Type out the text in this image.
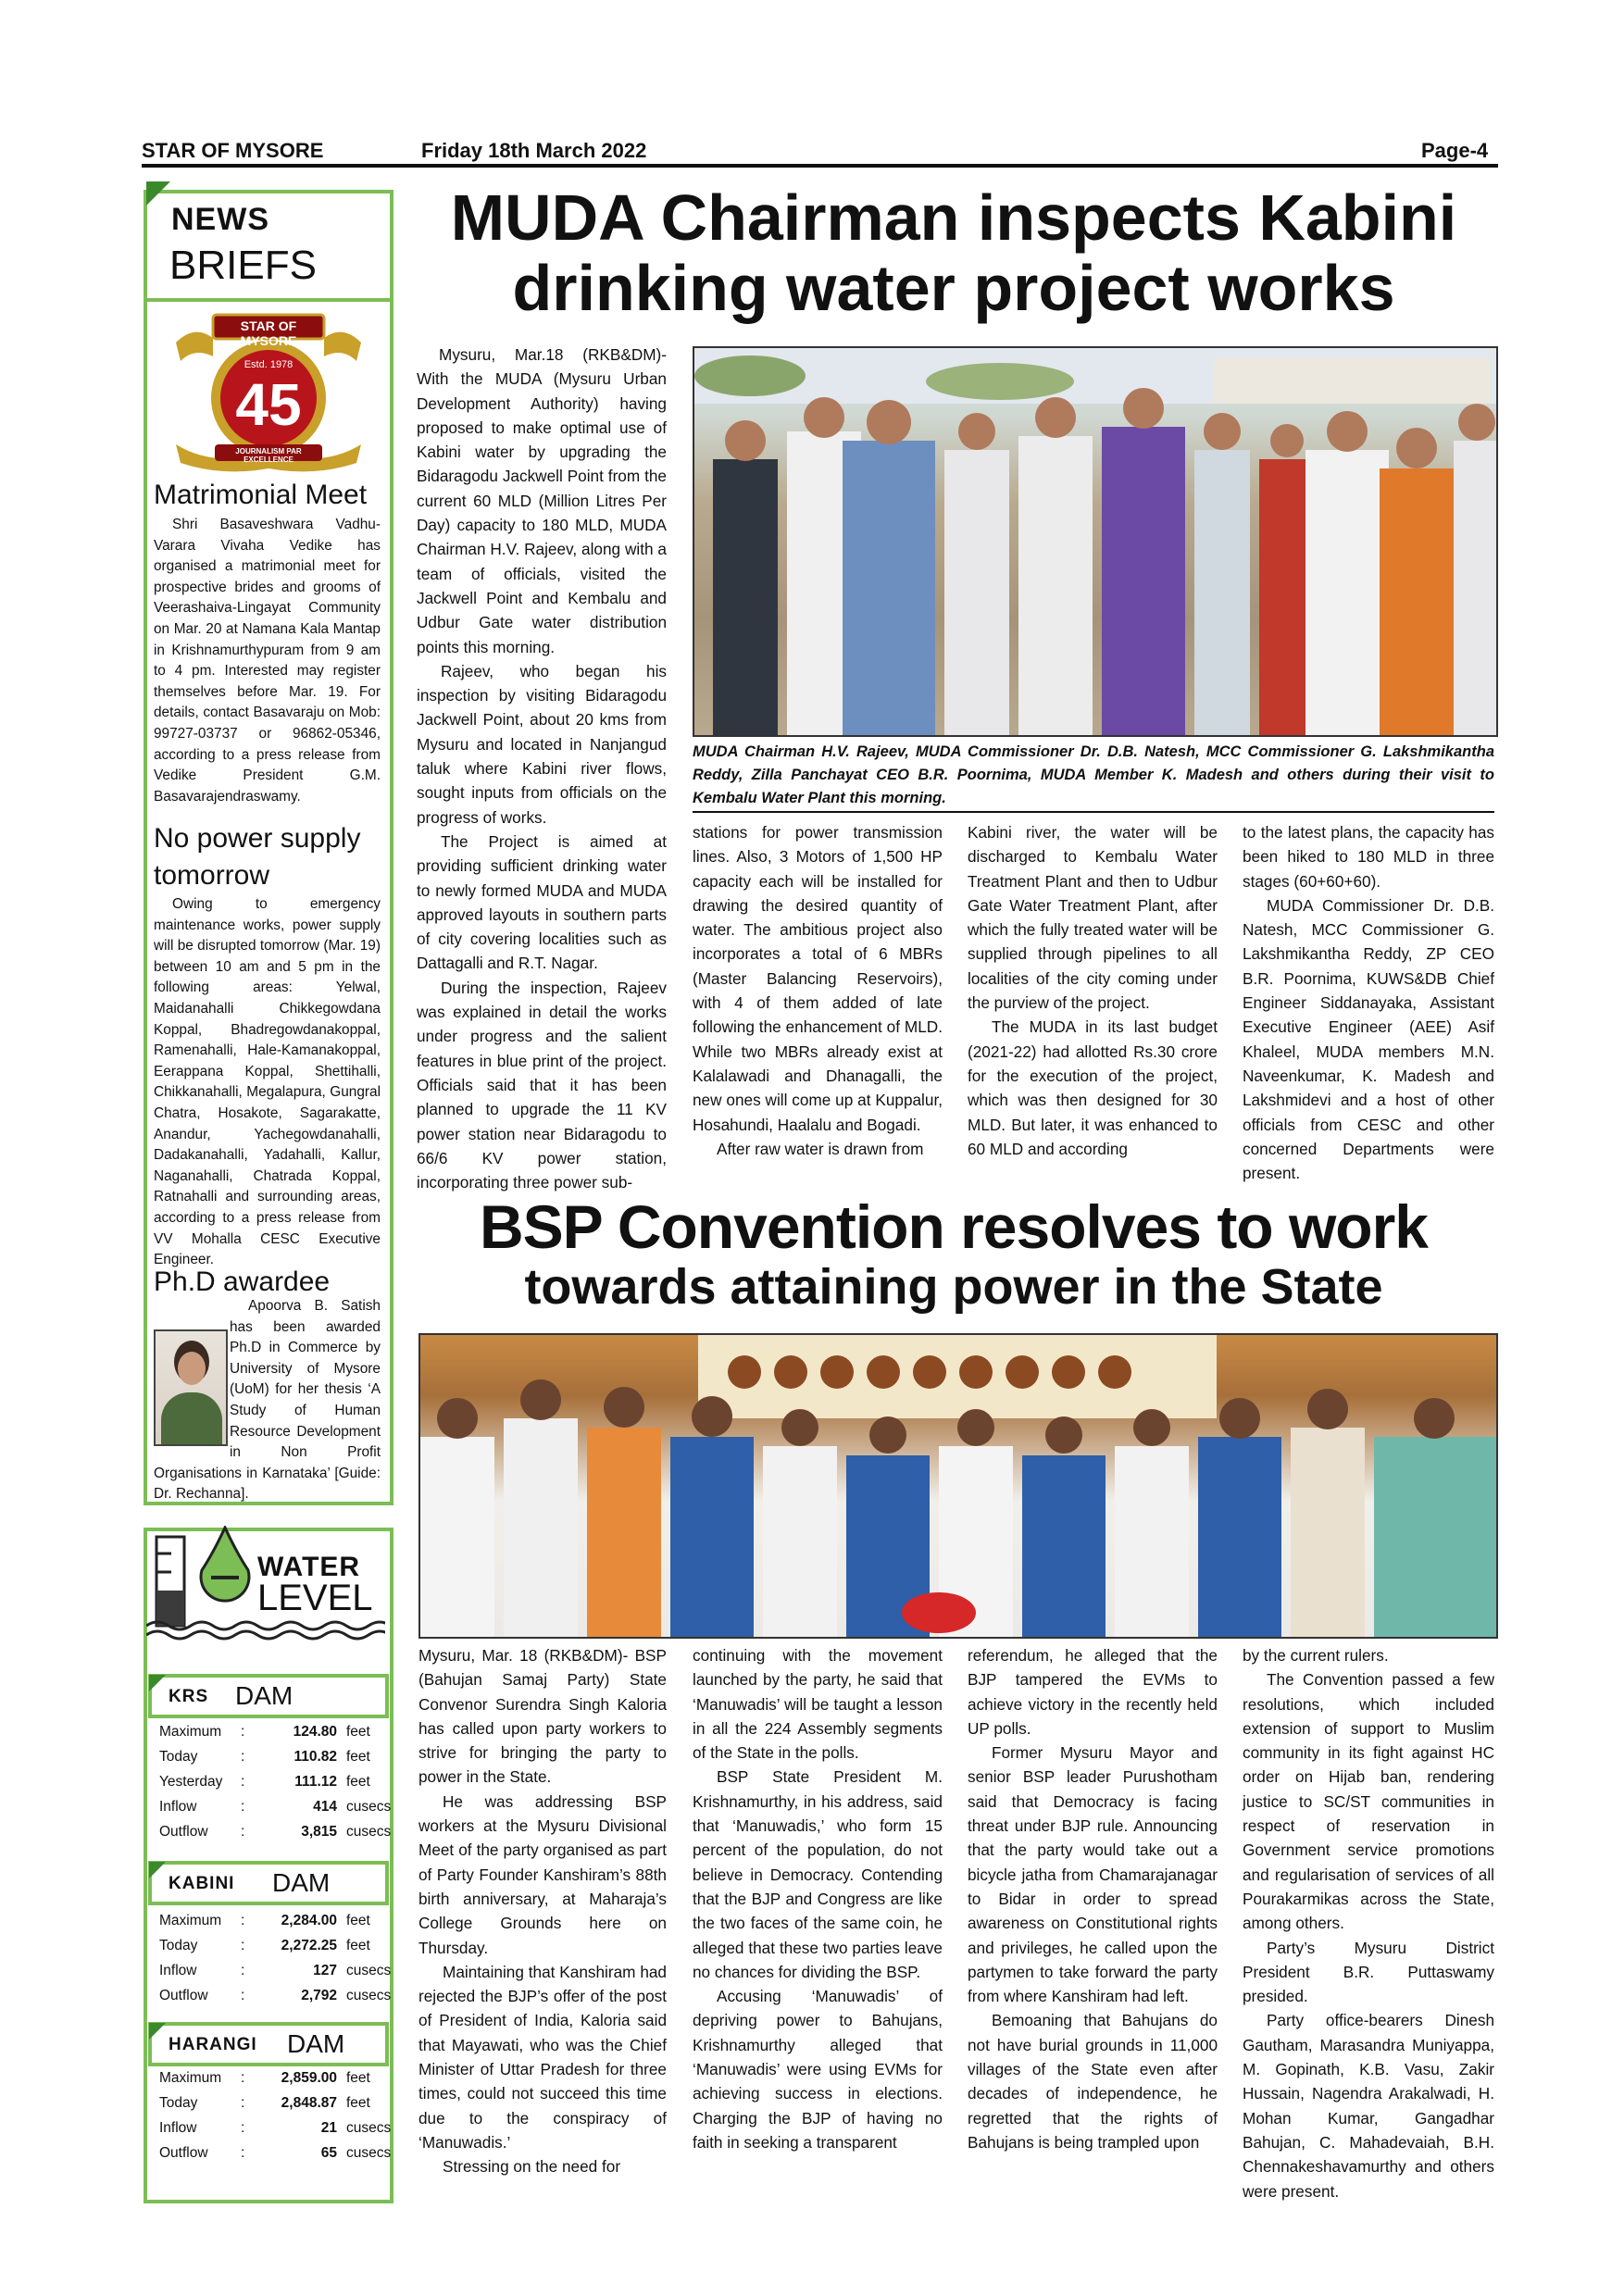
STAR OF MYSORE	Friday 18th March 2022	Page-4
NEWS
BRIEFS
STAR OF MYSORE
Estd. 1978
45
JOURNALISM PAR EXCELLENCE
Matrimonial Meet

Shri Basaveshwara Vadhu-Varara Vivaha Vedike has organised a matrimonial meet for prospective brides and grooms of Veerashaiva-Lingayat Community on Mar. 20 at Namana Kala Mantap in Krishnamurthypuram from 9 am to 4 pm. Interested may register themselves before Mar. 19. For details, contact Basavaraju on Mob: 99727-03737 or 96862-05346, according to a press release from Vedike President G.M. Basavarajendraswamy.

No power supply tomorrow

Owing to emergency maintenance works, power supply will be disrupted tomorrow (Mar. 19) between 10 am and 5 pm in the following areas: Yelwal, Maidanahalli Chikkegowdana Koppal, Bhadregowdanakoppal, Ramenahalli, Hale-Kamanakoppal, Eerappana Koppal, Shettihalli, Chikkanahalli, Megalapura, Gungral Chatra, Hosakote, Sagarakatte, Anandur, Yachegowdanahalli, Dadakanahalli, Yadahalli, Kallur, Naganahalli, Chatrada Koppal, Ratnahalli and surrounding areas, according to a press release from VV Mohalla CESC Executive Engineer.

Ph.D awardee

Apoorva B. Satish has been awarded Ph.D in Commerce by University of Mysore (UoM) for her thesis ‘A Study of Human Resource Development in Non Profit Organisations in Karnataka’ [Guide: Dr. Rechanna].

WATER
LEVEL
KRS DAM
Maximum :	124.80 feet
Today	:	110.82 feet
Yesterday :	111.12 feet
Inflow	:	414 cusecs
Outflow :	3,815 cusecs
KABINI DAM
Maximum :	2,284.00 feet
Today	:	2,272.25 feet
Inflow	:	127 cusecs
Outflow :	2,792 cusecs
HARANGI DAM
Maximum :	2,859.00 feet
Today	:	2,848.87 feet
Inflow	:	21 cusecs
Outflow :	65 cusecs
MUDA Chairman inspects Kabini
drinking water project works

Mysuru, Mar.18 (RKB&DM)- With the MUDA (Mysuru Urban Development Authority) having proposed to make optimal use of Kabini water by upgrading the Bidaragodu Jackwell Point from the current 60 MLD (Million Litres Per Day) capacity to 180 MLD, MUDA Chairman H.V. Rajeev, along with a team of officials, visited the Jackwell Point and Kembalu and Udbur Gate water distribution points this morning.

Rajeev, who began his inspection by visiting Bidaragodu Jackwell Point, about 20 kms from Mysuru and located in Nanjangud taluk where Kabini river flows, sought inputs from officials on the progress of works.

The Project is aimed at providing sufficient drinking water to newly formed MUDA and MUDA approved layouts in southern parts of city covering localities such as Dattagalli and R.T. Nagar.

During the inspection, Rajeev was explained in detail the works under progress and the salient features in blue print of the project. Officials said that it has been planned to upgrade the 11 KV power station near Bidaragodu to 66/6 KV power station, incorporating three power sub-

MUDA Chairman H.V. Rajeev, MUDA Commissioner Dr. D.B. Natesh, MCC Commissioner G. Lakshmikantha Reddy, Zilla Panchayat CEO B.R. Poornima, MUDA Member K. Madesh and others during their visit to Kembalu Water Plant this morning.

stations for power transmission lines. Also, 3 Motors of 1,500 HP capacity each will be installed for drawing the desired quantity of water. The ambitious project also incorporates a total of 6 MBRs (Master Balancing Reservoirs), with 4 of them added of late following the enhancement of MLD. While two MBRs already exist at Kalalawadi and Dhanagalli, the new ones will come up at Kuppalur, Hosahundi, Haalalu and Bogadi.

After raw water is drawn from

Kabini river, the water will be discharged to Kembalu Water Treatment Plant and then to Udbur Gate Water Treatment Plant, after which the fully treated water will be supplied through pipelines to all localities of the city coming under the purview of the project.

The MUDA in its last budget (2021-22) had allotted Rs.30 crore for the execution of the project, which was then designed for 30 MLD. But later, it was enhanced to 60 MLD and according

to the latest plans, the capacity has been hiked to 180 MLD in three stages (60+60+60).

MUDA Commissioner Dr. D.B. Natesh, MCC Commissioner G. Lakshmikantha Reddy, ZP CEO B.R. Poornima, KUWS&DB Chief Engineer Siddanayaka, Assistant Executive Engineer (AEE) Asif Khaleel, MUDA members M.N. Naveenkumar, K. Madesh and Lakshmidevi and a host of other officials from CESC and other concerned Departments were present.

BSP Convention resolves to work
towards attaining power in the State

Mysuru, Mar. 18 (RKB&DM)- BSP (Bahujan Samaj Party) State Convenor Surendra Singh Kaloria has called upon party workers to strive for bringing the party to power in the State.

He was addressing BSP workers at the Mysuru Divisional Meet of the party organised as part of Party Founder Kanshiram’s 88th birth anniversary, at Maharaja’s College Grounds here on Thursday.

Maintaining that Kanshiram had rejected the BJP’s offer of the post of President of India, Kaloria said that Mayawati, who was the Chief Minister of Uttar Pradesh for three times, could not succeed this time due to the conspiracy of ‘Manuwadis.’

Stressing on the need for

continuing with the movement launched by the party, he said that ‘Manuwadis’ will be taught a lesson in all the 224 Assembly segments of the State in the polls.

BSP State President M. Krishnamurthy, in his address, said that ‘Manuwadis,’ who form 15 percent of the population, do not believe in Democracy. Contending that the BJP and Congress are like the two faces of the same coin, he alleged that these two parties leave no chances for dividing the BSP.

Accusing ‘Manuwadis’ of depriving power to Bahujans, Krishnamurthy alleged that ‘Manuwadis’ were using EVMs for achieving success in elections. Charging the BJP of having no faith in seeking a transparent

referendum, he alleged that the BJP tampered the EVMs to achieve victory in the recently held UP polls.

Former Mysuru Mayor and senior BSP leader Purushotham said that Democracy is facing threat under BJP rule. Announcing that the party would take out a bicycle jatha from Chamarajanagar to Bidar in order to spread awareness on Constitutional rights and privileges, he called upon the partymen to take forward the party from where Kanshiram had left.

Bemoaning that Bahujans do not have burial grounds in 11,000 villages of the State even after decades of independence, he regretted that the rights of Bahujans is being trampled upon

by the current rulers.

The Convention passed a few resolutions, which included extension of support to Muslim community in its fight against HC order on Hijab ban, rendering justice to SC/ST communities in respect of reservation in Government service promotions and regularisation of services of all Pourakarmikas across the State, among others.

Party’s Mysuru District President B.R. Puttaswamy presided.

Party office-bearers Dinesh Gautham, Marasandra Muniyappa, M. Gopinath, K.B. Vasu, Zakir Hussain, Nagendra Arakalwadi, H. Mohan Kumar, Gangadhar Bahujan, C. Mahadevaiah, B.H. Chennakeshavamurthy and others were present.
